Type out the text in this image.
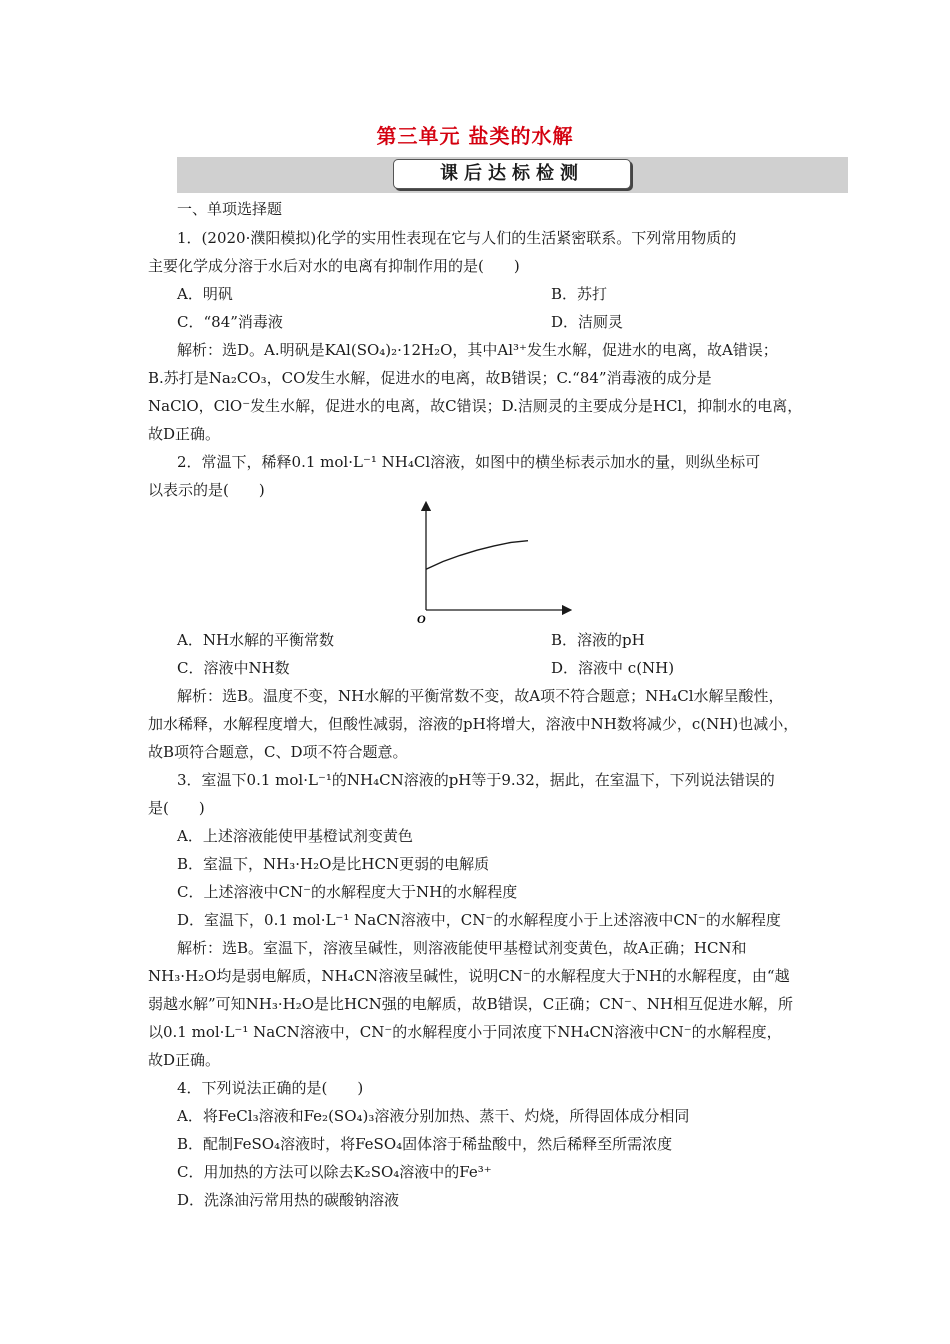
第三单元 盐类的水解
课后达标检测
一、单项选择题
1．(2020·濮阳模拟)化学的实用性表现在它与人们的生活紧密联系。下列常用物质的
主要化学成分溶于水后对水的电离有抑制作用的是(　　)
A．明矾	B．苏打
C．“84”消毒液	D．洁厕灵
解析：选D。A.明矾是KAl(SO₄)₂·12H₂O，其中Al³⁺发生水解，促进水的电离，故A错误；
B.苏打是Na₂CO₃，CO发生水解，促进水的电离，故B错误；C.“84”消毒液的成分是
NaClO，ClO⁻发生水解，促进水的电离，故C错误；D.洁厕灵的主要成分是HCl，抑制水的电离，
故D正确。
2．常温下，稀释0.1 mol·L⁻¹ NH₄Cl溶液，如图中的横坐标表示加水的量，则纵坐标可
以表示的是(　　)
O
A．NH水解的平衡常数	B．溶液的pH
C．溶液中NH数	D．溶液中 c(NH)
解析：选B。温度不变，NH水解的平衡常数不变，故A项不符合题意；NH₄Cl水解呈酸性，
加水稀释，水解程度增大，但酸性减弱，溶液的pH将增大，溶液中NH数将减少，c(NH)也减小，
故B项符合题意，C、D项不符合题意。
3．室温下0.1 mol·L⁻¹的NH₄CN溶液的pH等于9.32，据此，在室温下，下列说法错误的
是(　　)
A．上述溶液能使甲基橙试剂变黄色
B．室温下，NH₃·H₂O是比HCN更弱的电解质
C．上述溶液中CN⁻的水解程度大于NH的水解程度
D．室温下，0.1 mol·L⁻¹ NaCN溶液中，CN⁻的水解程度小于上述溶液中CN⁻的水解程度
解析：选B。室温下，溶液呈碱性，则溶液能使甲基橙试剂变黄色，故A正确；HCN和
NH₃·H₂O均是弱电解质，NH₄CN溶液呈碱性，说明CN⁻的水解程度大于NH的水解程度，由“越
弱越水解”可知NH₃·H₂O是比HCN强的电解质，故B错误，C正确；CN⁻、NH相互促进水解，所
以0.1 mol·L⁻¹ NaCN溶液中，CN⁻的水解程度小于同浓度下NH₄CN溶液中CN⁻的水解程度，
故D正确。
4．下列说法正确的是(　　)
A．将FeCl₃溶液和Fe₂(SO₄)₃溶液分别加热、蒸干、灼烧，所得固体成分相同
B．配制FeSO₄溶液时，将FeSO₄固体溶于稀盐酸中，然后稀释至所需浓度
C．用加热的方法可以除去K₂SO₄溶液中的Fe³⁺
D．洗涤油污常用热的碳酸钠溶液
